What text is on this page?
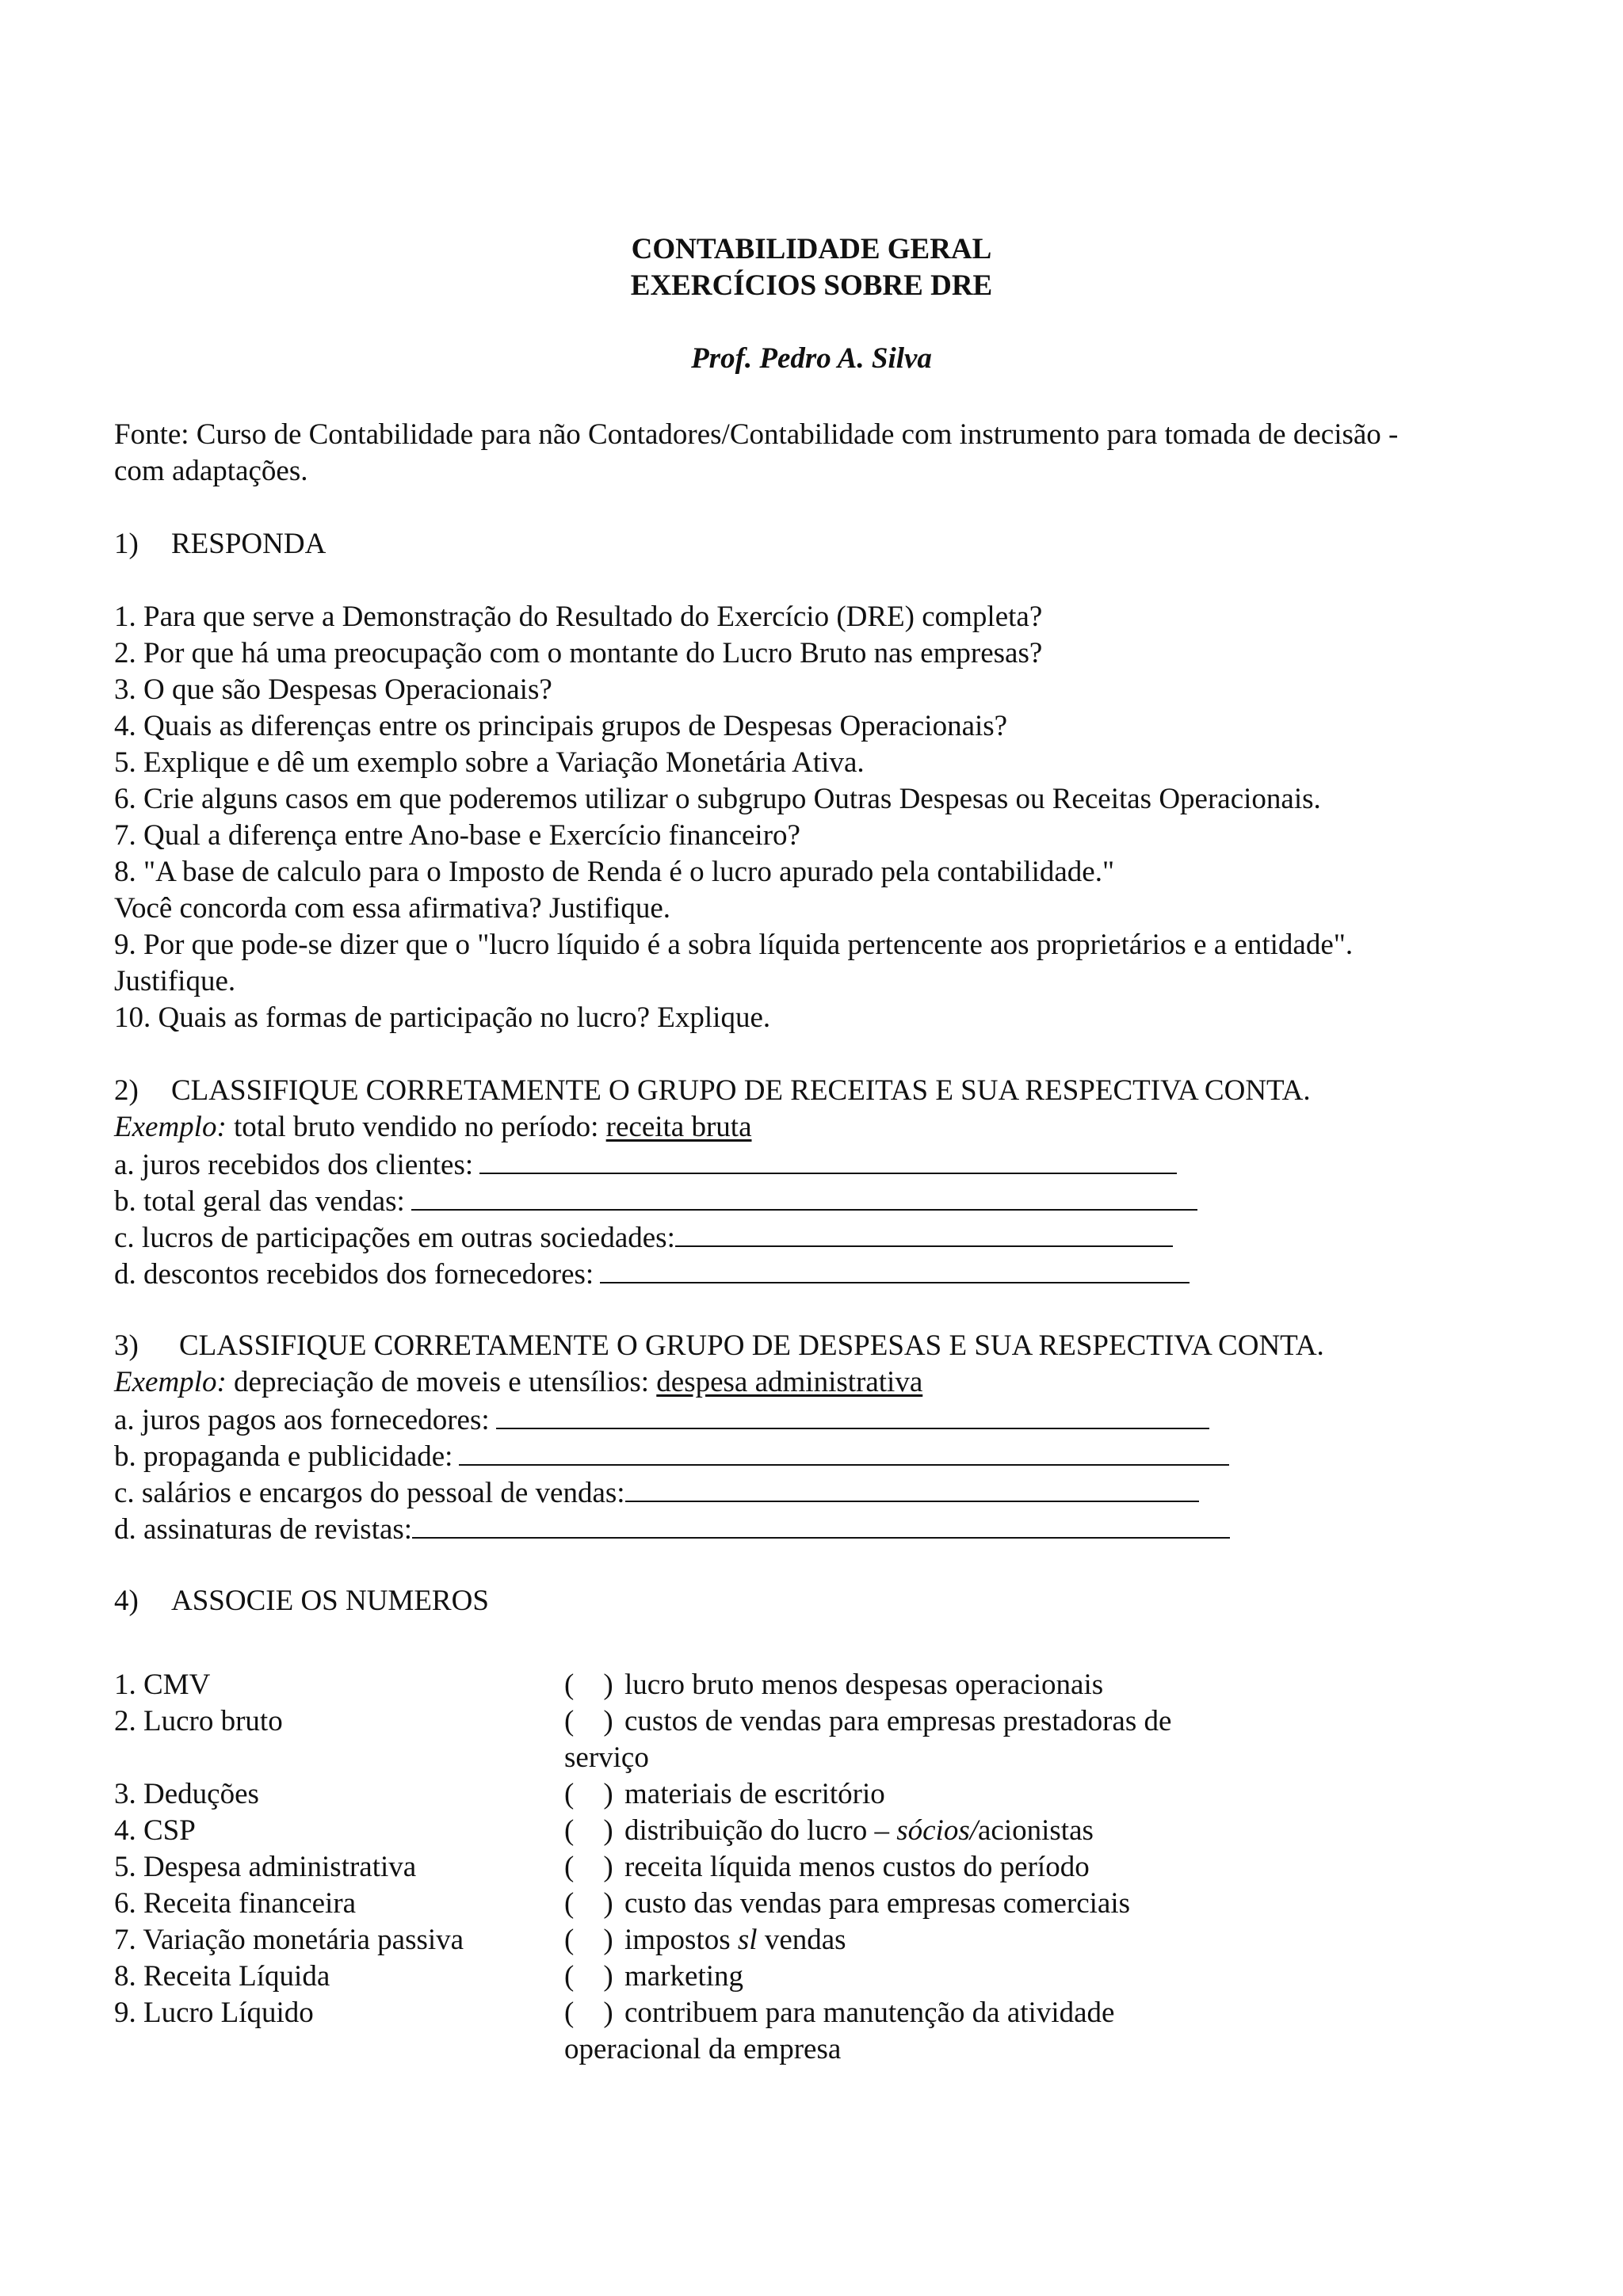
CONTABILIDADE GERAL
EXERCÍCIOS SOBRE DRE
Prof. Pedro A. Silva
Fonte: Curso de Contabilidade para não Contadores/Contabilidade com instrumento para tomada de decisão -
com adaptações.
1) RESPONDA
1. Para que serve a Demonstração do Resultado do Exercício (DRE) completa?
2. Por que há uma preocupação com o montante do Lucro Bruto nas empresas?
3. O que são Despesas Operacionais?
4. Quais as diferenças entre os principais grupos de Despesas Operacionais?
5. Explique e dê um exemplo sobre a Variação Monetária Ativa.
6. Crie alguns casos em que poderemos utilizar o subgrupo Outras Despesas ou Receitas Operacionais.
7. Qual a diferença entre Ano-base e Exercício financeiro?
8. "A base de calculo para o Imposto de Renda é o lucro apurado pela contabilidade."
Você concorda com essa afirmativa? Justifique.
9. Por que pode-se dizer que o "lucro líquido é a sobra líquida pertencente aos proprietários e a entidade".
Justifique.
10. Quais as formas de participação no lucro? Explique.
2) CLASSIFIQUE CORRETAMENTE O GRUPO DE RECEITAS E SUA RESPECTIVA CONTA.
Exemplo: total bruto vendido no período: receita bruta
a. juros recebidos dos clientes:
b. total geral das vendas:
c. lucros de participações em outras sociedades:
d. descontos recebidos dos fornecedores:
3) CLASSIFIQUE CORRETAMENTE O GRUPO DE DESPESAS E SUA RESPECTIVA CONTA.
Exemplo: depreciação de moveis e utensílios: despesa administrativa
a. juros pagos aos fornecedores:
b. propaganda e publicidade:
c. salários e encargos do pessoal de vendas:
d. assinaturas de revistas:
4) ASSOCIE OS NUMEROS
1. CMV
2. Lucro bruto
3. Deduções
4. CSP
5. Despesa administrativa
6. Receita financeira
7. Variação monetária passiva
8. Receita Líquida
9. Lucro Líquido
(    ) lucro bruto menos despesas operacionais
(    ) custos de vendas para empresas prestadoras de
serviço
(    ) materiais de escritório
(    ) distribuição do lucro – sócios/acionistas
(    ) receita líquida menos custos do período
(    ) custo das vendas para empresas comerciais
(    ) impostos sl vendas
(    ) marketing
(    ) contribuem para manutenção da atividade
operacional da empresa
